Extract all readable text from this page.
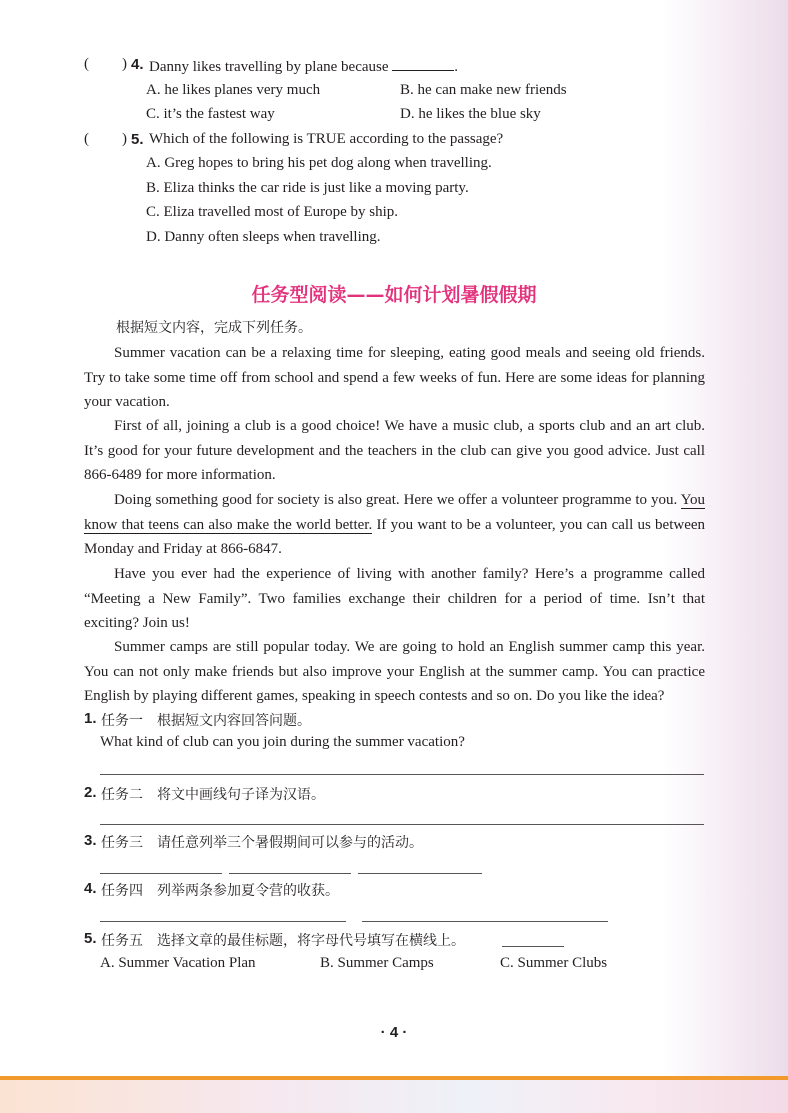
( ) 4. Danny likes travelling by plane because	.
A. he likes planes very much	B. he can make new friends
C. it’s the fastest way	D. he likes the blue sky
( ) 5. Which of the following is TRUE according to the passage?
A. Greg hopes to bring his pet dog along when travelling.
B. Eliza thinks the car ride is just like a moving party.
C. Eliza travelled most of Europe by ship.
D. Danny often sleeps when travelling.
任务型阅读——如何计划暑假假期
根据短文内容，完成下列任务。
Summer vacation can be a relaxing time for sleeping, eating good meals and seeing old friends. Try to take some time off from school and spend a few weeks of fun. Here are some ideas for planning your vacation.
First of all, joining a club is a good choice! We have a music club, a sports club and an art club. It’s good for your future development and the teachers in the club can give you good advice. Just call 866-6489 for more information.
Doing something good for society is also great. Here we offer a volunteer programme to you. You know that teens can also make the world better. If you want to be a volunteer, you can call us between Monday and Friday at 866-6847.
Have you ever had the experience of living with another family? Here’s a programme called “Meeting a New Family”. Two families exchange their children for a period of time. Isn’t that exciting? Join us!
Summer camps are still popular today. We are going to hold an English summer camp this year. You can not only make friends but also improve your English at the summer camp. You can practice English by playing different games, speaking in speech contests and so on. Do you like the idea?
1. 任务一　根据短文内容回答问题。
What kind of club can you join during the summer vacation?
2. 任务二　将文中画线句子译为汉语。
3. 任务三　请任意列举三个暑假期间可以参与的活动。
4. 任务四　列举两条参加夏令营的收获。
5. 任务五　选择文章的最佳标题，将字母代号填写在横线上。
A. Summer Vacation Plan	B. Summer Camps	C. Summer Clubs
· 4 ·
